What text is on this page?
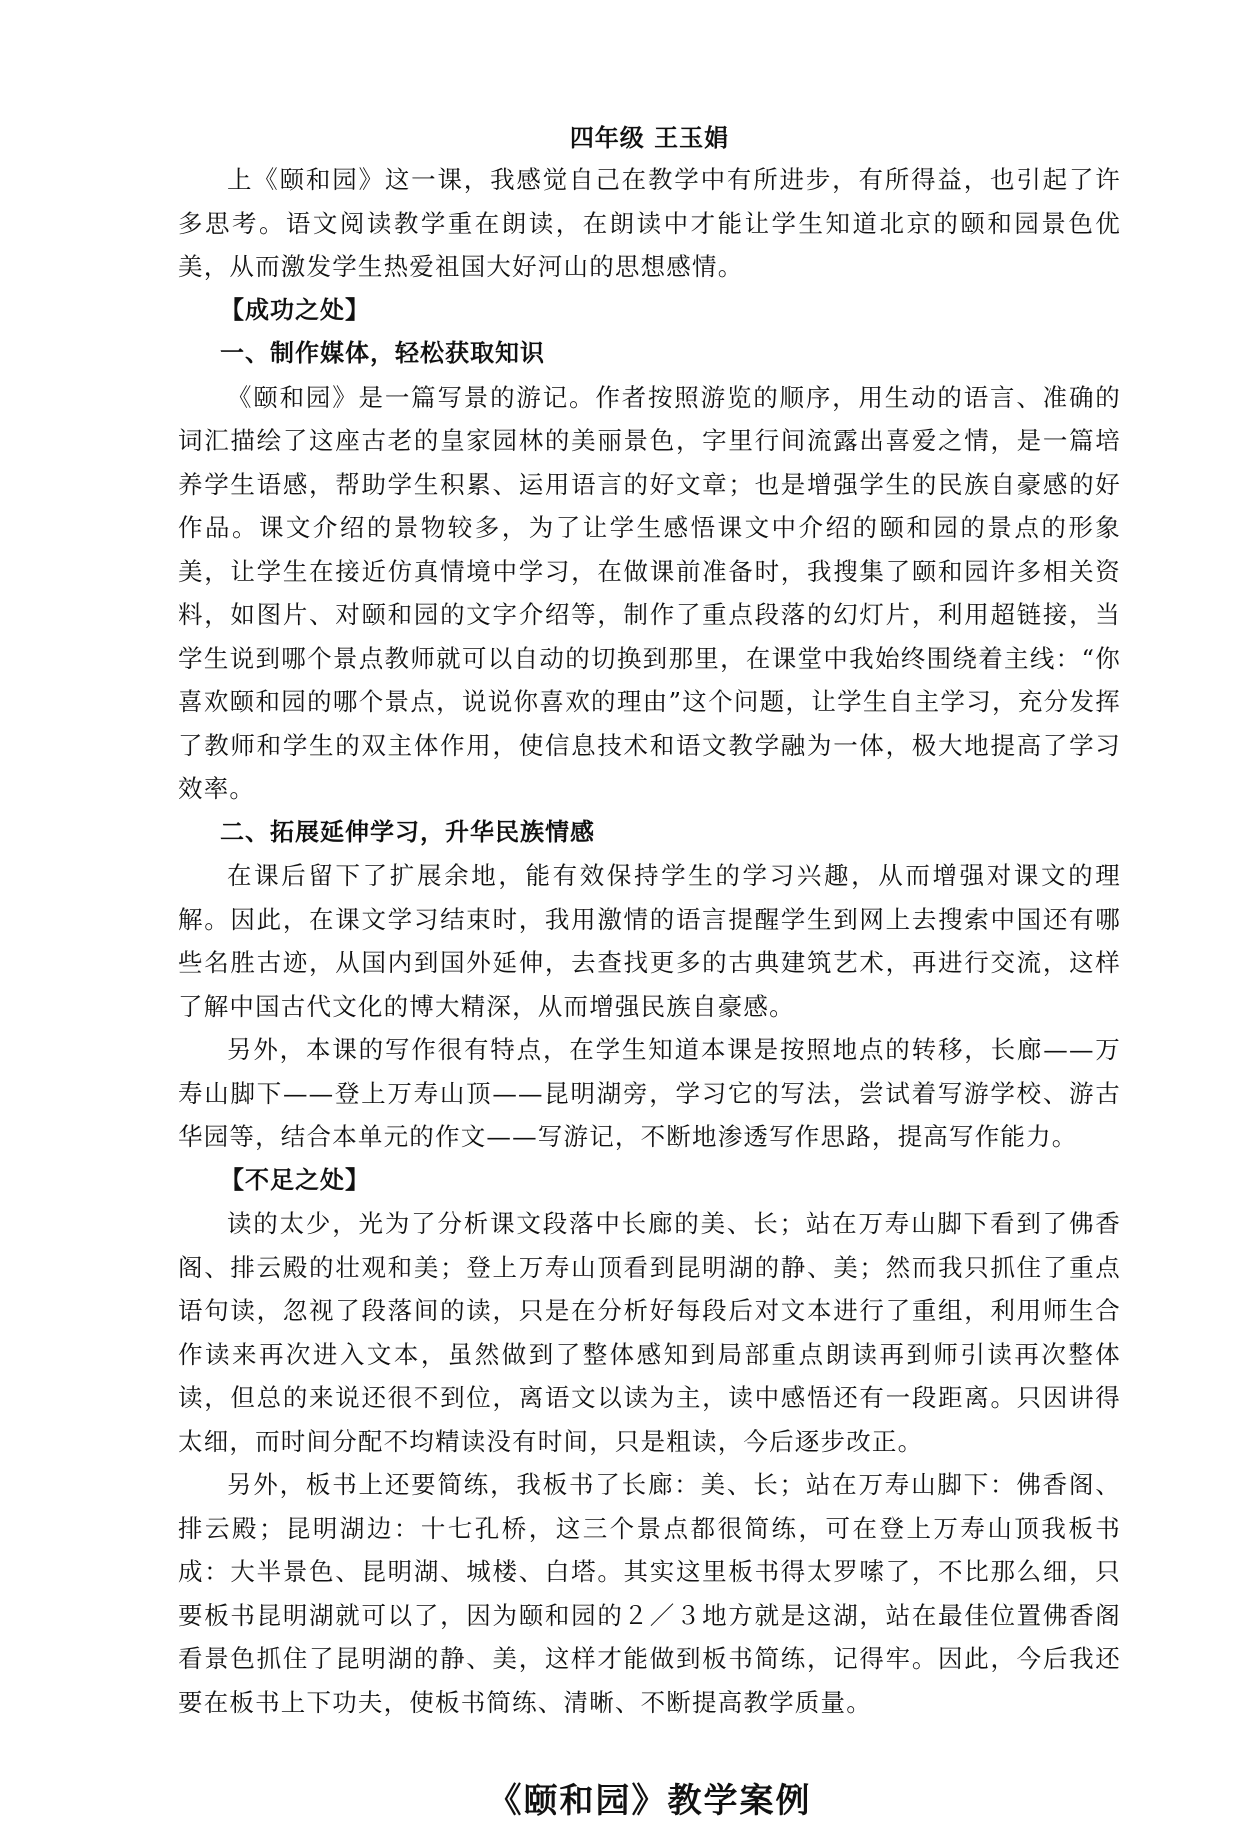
四年级 王玉娟

上《颐和园》这一课，我感觉自己在教学中有所进步，有所得益，也引起了许多思考。语文阅读教学重在朗读，在朗读中才能让学生知道北京的颐和园景色优美，从而激发学生热爱祖国大好河山的思想感情。

【成功之处】
一、制作媒体，轻松获取知识

《颐和园》是一篇写景的游记。作者按照游览的顺序，用生动的语言、准确的词汇描绘了这座古老的皇家园林的美丽景色，字里行间流露出喜爱之情，是一篇培养学生语感，帮助学生积累、运用语言的好文章；也是增强学生的民族自豪感的好作品。课文介绍的景物较多，为了让学生感悟课文中介绍的颐和园的景点的形象美，让学生在接近仿真情境中学习，在做课前准备时，我搜集了颐和园许多相关资料，如图片、对颐和园的文字介绍等，制作了重点段落的幻灯片，利用超链接，当学生说到哪个景点教师就可以自动的切换到那里，在课堂中我始终围绕着主线：“你喜欢颐和园的哪个景点，说说你喜欢的理由”这个问题，让学生自主学习，充分发挥了教师和学生的双主体作用，使信息技术和语文教学融为一体，极大地提高了学习效率。

二、拓展延伸学习，升华民族情感

在课后留下了扩展余地，能有效保持学生的学习兴趣，从而增强对课文的理解。因此，在课文学习结束时，我用激情的语言提醒学生到网上去搜索中国还有哪些名胜古迹，从国内到国外延伸，去查找更多的古典建筑艺术，再进行交流，这样了解中国古代文化的博大精深，从而增强民族自豪感。

另外，本课的写作很有特点，在学生知道本课是按照地点的转移，长廊——万寿山脚下——登上万寿山顶——昆明湖旁，学习它的写法，尝试着写游学校、游古华园等，结合本单元的作文——写游记，不断地渗透写作思路，提高写作能力。

【不足之处】

读的太少，光为了分析课文段落中长廊的美、长；站在万寿山脚下看到了佛香阁、排云殿的壮观和美；登上万寿山顶看到昆明湖的静、美；然而我只抓住了重点语句读，忽视了段落间的读，只是在分析好每段后对文本进行了重组，利用师生合作读来再次进入文本，虽然做到了整体感知到局部重点朗读再到师引读再次整体读，但总的来说还很不到位，离语文以读为主，读中感悟还有一段距离。只因讲得太细，而时间分配不均精读没有时间，只是粗读，今后逐步改正。

另外，板书上还要简练，我板书了长廊：美、长；站在万寿山脚下：佛香阁、排云殿；昆明湖边：十七孔桥，这三个景点都很简练，可在登上万寿山顶我板书成：大半景色、昆明湖、城楼、白塔。其实这里板书得太罗嗦了，不比那么细，只要板书昆明湖就可以了，因为颐和园的２／３地方就是这湖，站在最佳位置佛香阁看景色抓住了昆明湖的静、美，这样才能做到板书简练，记得牢。因此，今后我还要在板书上下功夫，使板书简练、清晰、不断提高教学质量。

《颐和园》教学案例
